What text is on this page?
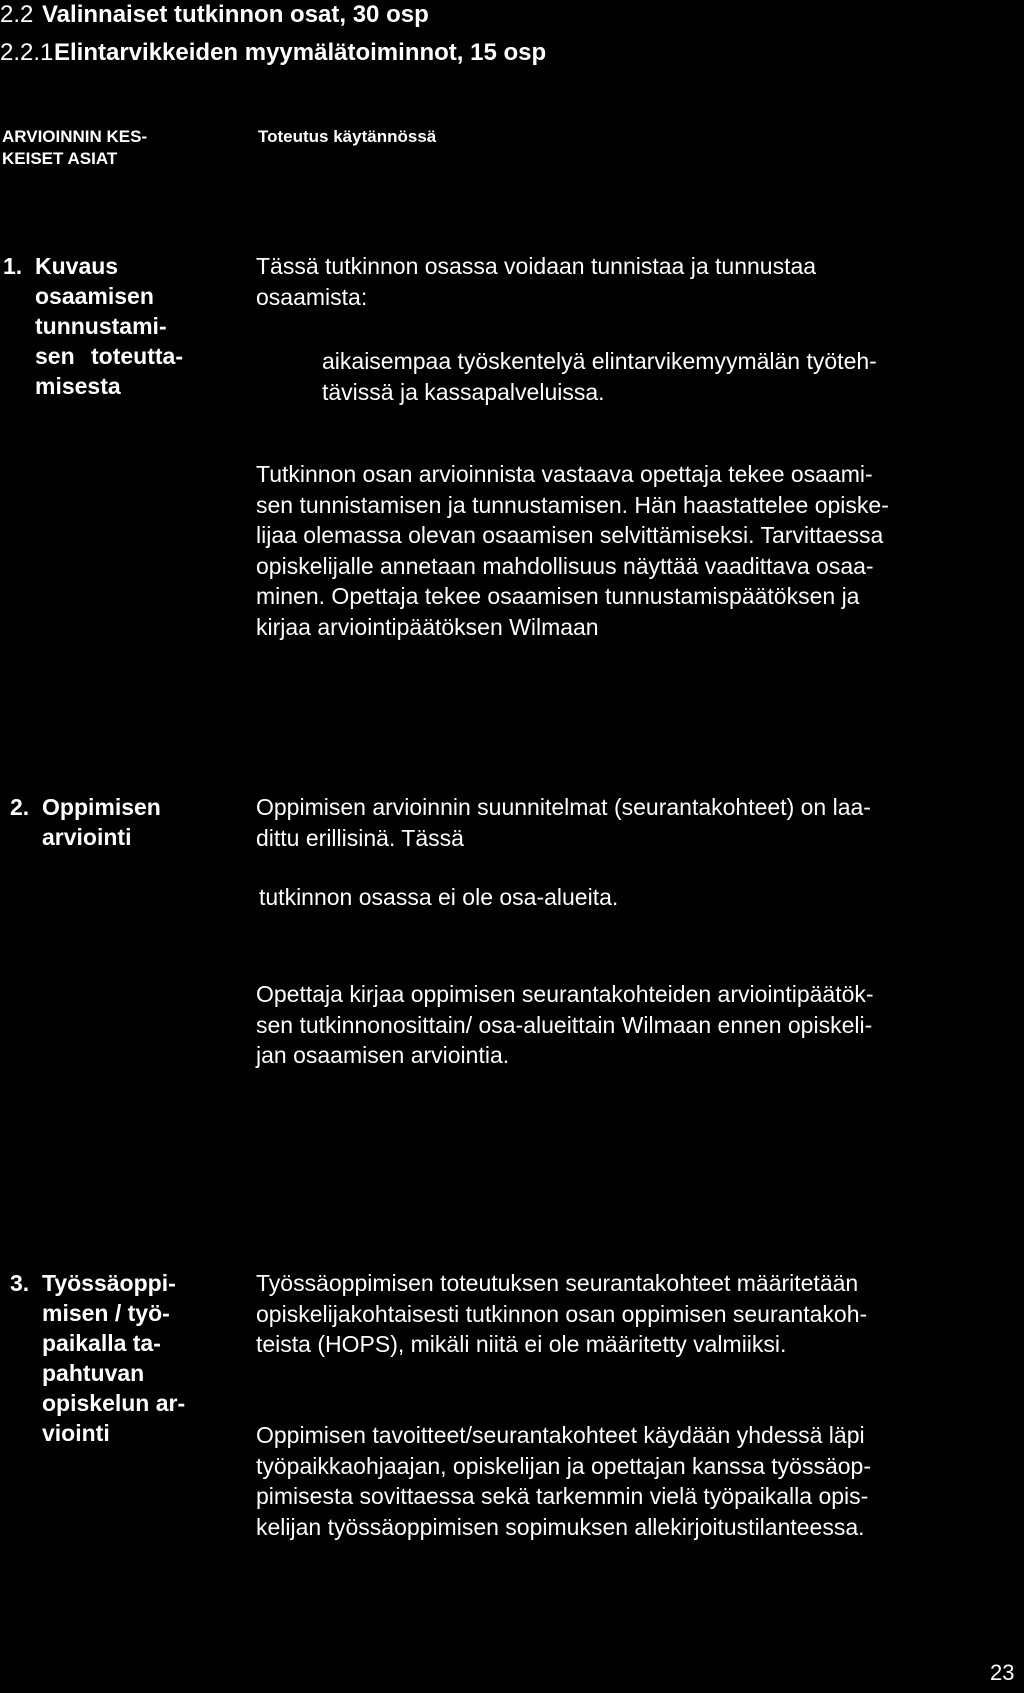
2.2 Valinnaiset tutkinnon osat, 30 osp
2.2.1Elintarvikkeiden myymälätoiminnot, 15 osp
ARVIOINNIN KES-
KEISET ASIAT
Toteutus käytännössä
1. Kuvaus
osaamisen
tunnustami-
sen toteutta-
misesta
Tässä tutkinnon osassa voidaan tunnistaa ja tunnustaa
osaamista:
aikaisempaa työskentelyä elintarvikemyymälän työteh-
tävissä ja kassapalveluissa.
Tutkinnon osan arvioinnista vastaava opettaja tekee osaami-
sen tunnistamisen ja tunnustamisen. Hän haastattelee opiske-
lijaa olemassa olevan osaamisen selvittämiseksi. Tarvittaessa
opiskelijalle annetaan mahdollisuus näyttää vaadittava osaa-
minen. Opettaja tekee osaamisen tunnustamispäätöksen ja
kirjaa arviointipäätöksen Wilmaan
2. Oppimisen
arviointi
Oppimisen arvioinnin suunnitelmat (seurantakohteet) on laa-
dittu erillisinä. Tässä
tutkinnon osassa ei ole osa-alueita.
Opettaja kirjaa oppimisen seurantakohteiden arviointipäätök-
sen tutkinnonosittain/ osa-alueittain Wilmaan ennen opiskeli-
jan osaamisen arviointia.
3. Työssäoppi-
misen / työ-
paikalla ta-
pahtuvan
opiskelun ar-
viointi
Työssäoppimisen toteutuksen seurantakohteet määritetään
opiskelijakohtaisesti tutkinnon osan oppimisen seurantakoh-
teista (HOPS), mikäli niitä ei ole määritetty valmiiksi.
Oppimisen tavoitteet/seurantakohteet käydään yhdessä läpi
työpaikkaohjaajan, opiskelijan ja opettajan kanssa työssäop-
pimisesta sovittaessa sekä tarkemmin vielä työpaikalla opis-
kelijan työssäoppimisen sopimuksen allekirjoitustilanteessa.
23
